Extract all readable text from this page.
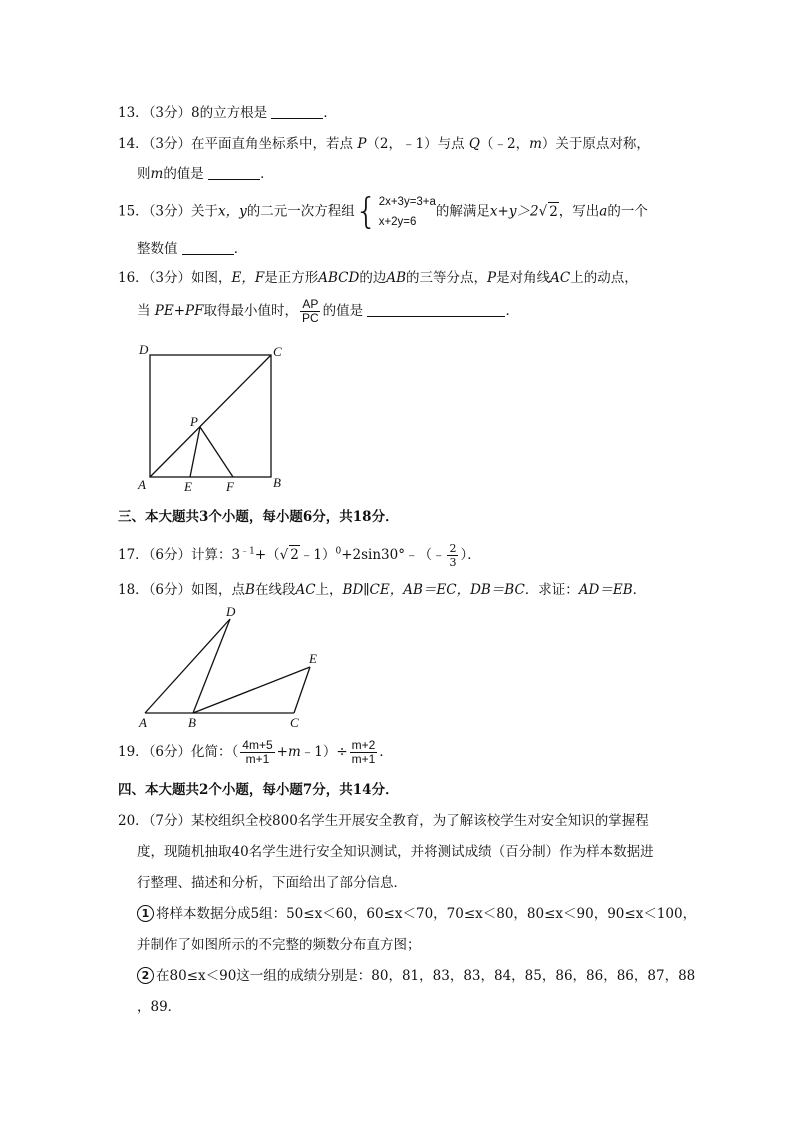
13．（3分）8的立方根是	．
14．（3分）在平面直角坐标系中，若点 P（2，﹣1）与点 Q（﹣2，m）关于原点对称，
则m的值是	．
15．（3分）关于x，y的二元一次方程组 { 2x+3y=3+a
x+2y=6
的解满足x+y＞2√ 2，写出a的一个
整数值	．
16．（3分）如图，E，F是正方形ABCD的边AB的三等分点，P是对角线AC上的动点，
当 PE+PF取得最小值时， $\frac{AP}{PC}$ 的值是	．
D	C
P
A	E	F	B
三、本大题共3个小题，每小题6分，共18分．
17．（6分）计算：$3^{﹣1}+(√$ 2﹣1）$^0$+2sin30°﹣（﹣ $\frac{2}{3}$ ）．
18．（6分）如图，点B在线段AC上，BD∥CE，AB＝EC，DB＝BC．求证：AD＝EB．
D
E
A	B	C
19．（6分）化简：（ $\frac{4m+5}{m+1}$ +m﹣1）÷ $\frac{m+2}{m+1}$ ．
四、本大题共2个小题，每小题7分，共14分．
20．（7分）某校组织全校800名学生开展安全教育，为了解该校学生对安全知识的掌握程
度，现随机抽取40名学生进行安全知识测试，并将测试成绩（百分制）作为样本数据进
行整理、描述和分析，下面给出了部分信息．
1 将样本数据分成5组：50≤x＜60，60≤x＜70，70≤x＜80，80≤x＜90，90≤x＜100，
并制作了如图所示的不完整的频数分布直方图；
2 在80≤x＜90这一组的成绩分别是：80，81，83，83，84，85，86，86，86，87，88
，89．
